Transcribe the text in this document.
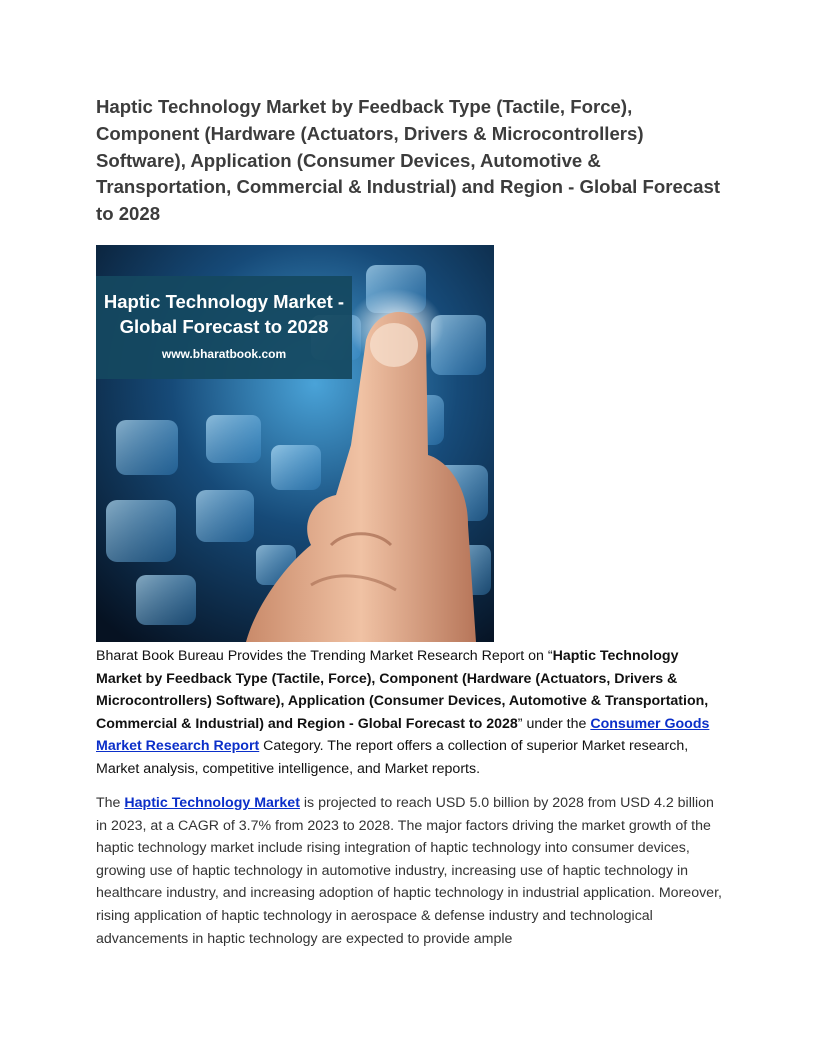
Haptic Technology Market by Feedback Type (Tactile, Force), Component (Hardware (Actuators, Drivers & Microcontrollers) Software), Application (Consumer Devices, Automotive & Transportation, Commercial & Industrial) and Region - Global Forecast to 2028
Haptic Technology Market - Global Forecast to 2028
www.bharatbook.com

Bharat Book Bureau Provides the Trending Market Research Report on “Haptic Technology Market by Feedback Type (Tactile, Force), Component (Hardware (Actuators, Drivers & Microcontrollers) Software), Application (Consumer Devices, Automotive & Transportation, Commercial & Industrial) and Region - Global Forecast to 2028” under the Consumer Goods Market Research Report Category. The report offers a collection of superior Market research, Market analysis, competitive intelligence, and Market reports.

The Haptic Technology Market is projected to reach USD 5.0 billion by 2028 from USD 4.2 billion in 2023, at a CAGR of 3.7% from 2023 to 2028. The major factors driving the market growth of the haptic technology market include rising integration of haptic technology into consumer devices, growing use of haptic technology in automotive industry, increasing use of haptic technology in healthcare industry, and increasing adoption of haptic technology in industrial application. Moreover, rising application of haptic technology in aerospace & defense industry and technological advancements in haptic technology are expected to provide ample
